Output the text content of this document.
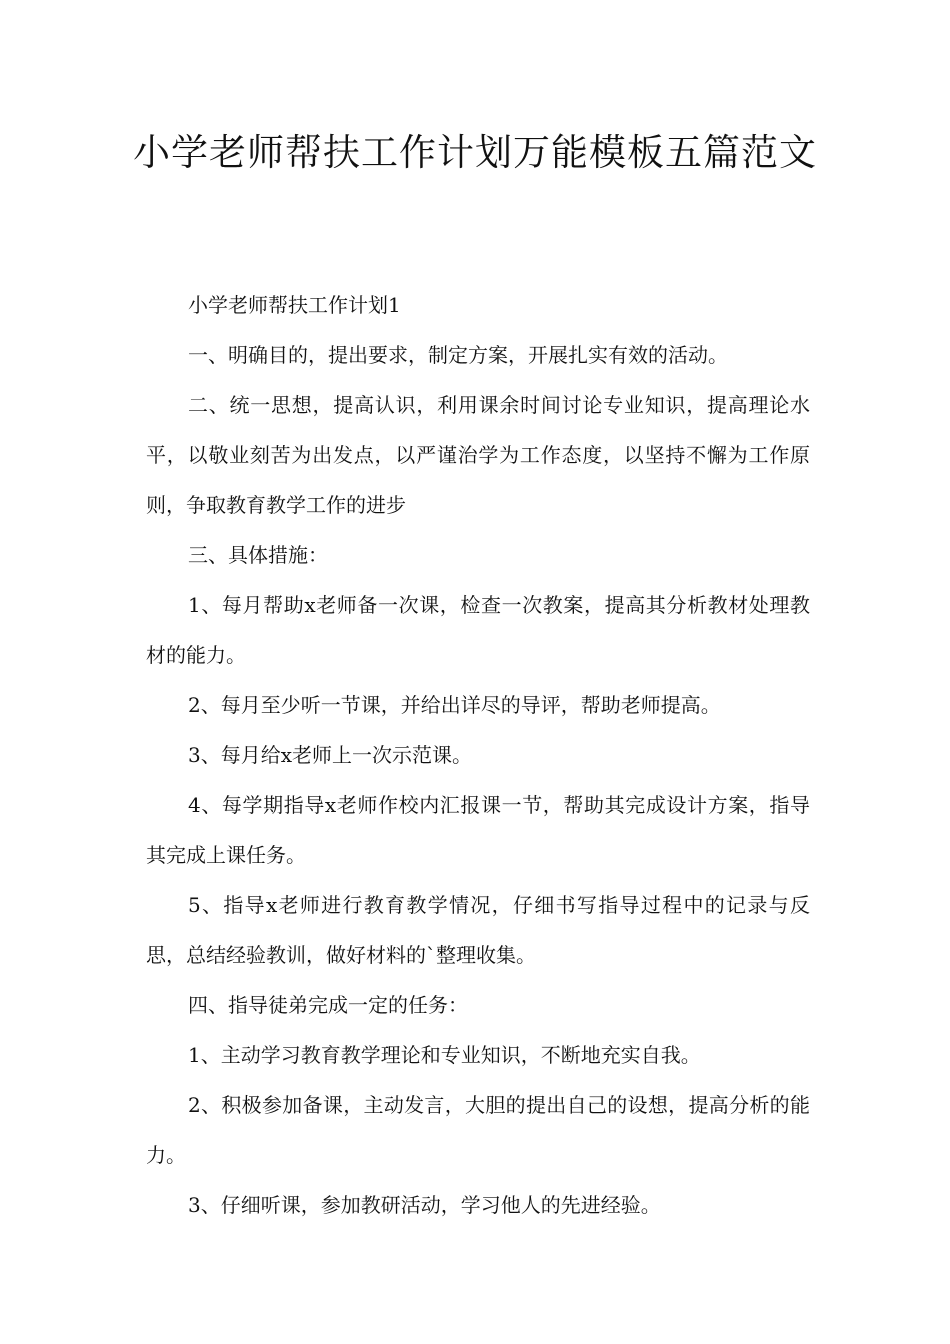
小学老师帮扶工作计划万能模板五篇范文

小学老师帮扶工作计划1

一、明确目的，提出要求，制定方案，开展扎实有效的活动。

二、统一思想，提高认识，利用课余时间讨论专业知识，提高理论水平，以敬业刻苦为出发点，以严谨治学为工作态度，以坚持不懈为工作原则，争取教育教学工作的进步

三、具体措施：

1、每月帮助x老师备一次课，检查一次教案，提高其分析教材处理教材的能力。

2、每月至少听一节课，并给出详尽的导评，帮助老师提高。

3、每月给x老师上一次示范课。

4、每学期指导x老师作校内汇报课一节，帮助其完成设计方案，指导其完成上课任务。

5、指导x老师进行教育教学情况，仔细书写指导过程中的记录与反思，总结经验教训，做好材料的`整理收集。

四、指导徒弟完成一定的任务：

1、主动学习教育教学理论和专业知识，不断地充实自我。

2、积极参加备课，主动发言，大胆的提出自己的设想，提高分析的能力。

3、仔细听课，参加教研活动，学习他人的先进经验。
